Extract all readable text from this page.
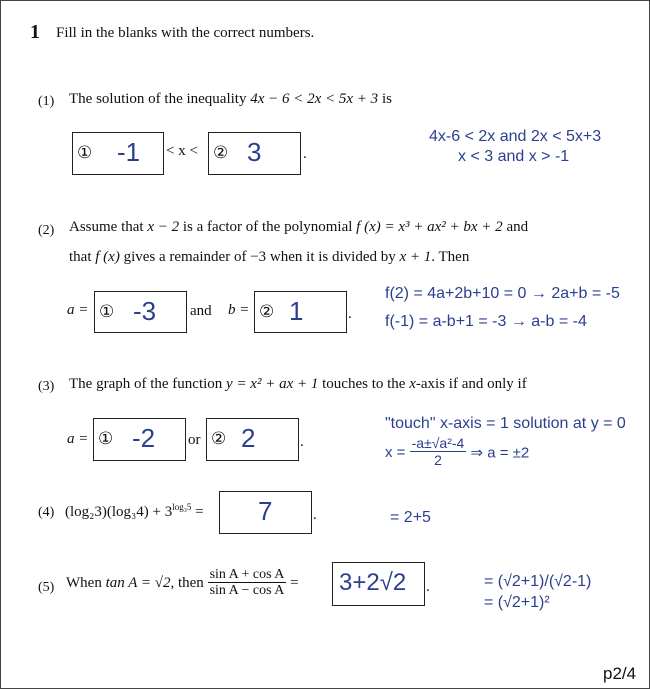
1 Fill in the blanks with the correct numbers.
(1) The solution of the inequality 4x − 6 < 2x < 5x + 3 is
① -1 < x < ② 3	.
4x-6 < 2x and 2x < 5x+3
x < 3 and x > -1
(2) Assume that x − 2 is a factor of the polynomial f (x) = x³ + ax² + bx + 2 and
that f (x) gives a remainder of −3 when it is divided by x + 1. Then
a = ① -3 and b = ② 1	.
f(2) = 4a+2b+10 = 0 → 2a+b = -5
f(-1) = a-b+1 = -3 → a-b = -4
(3) The graph of the function y = x² + ax + 1 touches to the x-axis if and only if
a = ① -2 or ② 2	.
"touch" x-axis = 1 solution at y = 0
$x = \frac{\text{-a±√a²-4}}{2}$ ⇒ a = ±2
(4) $(\log_23)(\log_34) + 3^{log_35} = 7$	.	= 2+5
(5) When tan A = √2, then $\frac{\text{sin A + cos A}}{\text{sin A − cos A}} = 3+2√2$ .	= (√2+1)/(√2-1)
= (√2+1)²
p2/4
